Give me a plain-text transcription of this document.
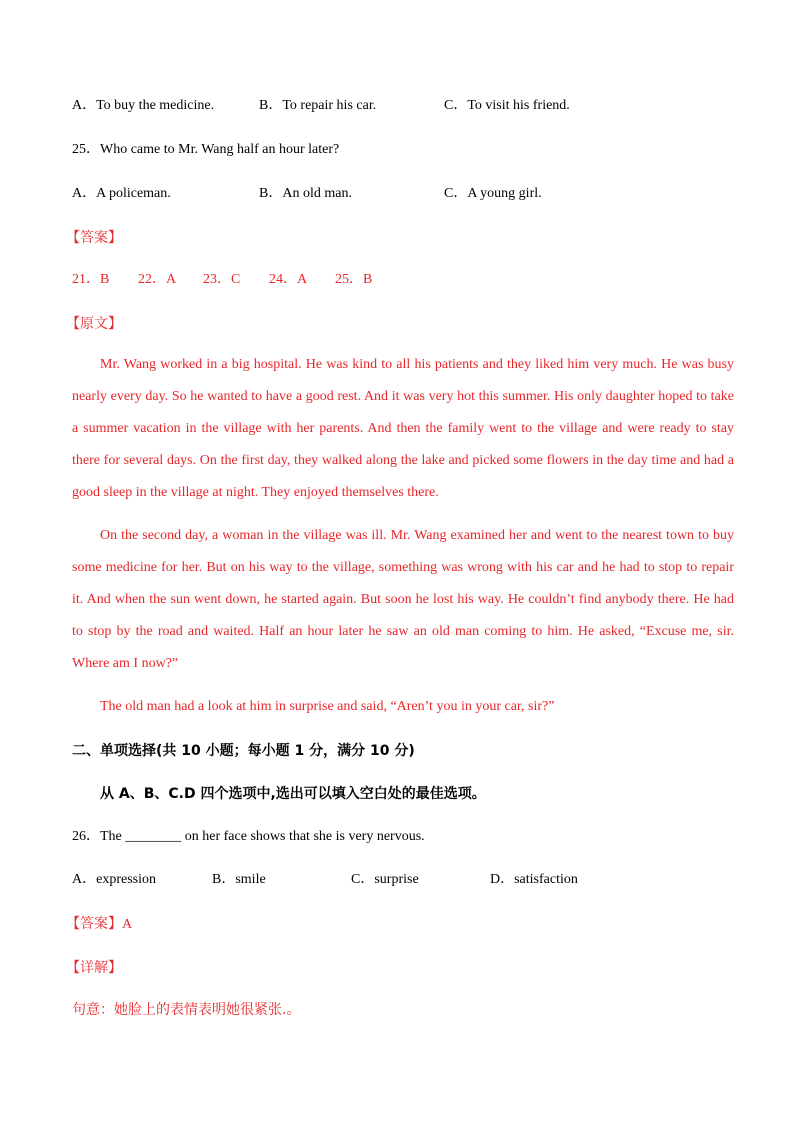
A．To buy the medicine.	B．To repair his car.	C．To visit his friend.
25．Who came to Mr. Wang half an hour later?
A．A policeman.	B．An old man.	C．A young girl.
【答案】
21．B 22．A 23．C 24．A 25．B
【原文】
Mr. Wang worked in a big hospital. He was kind to all his patients and they liked him very much. He was busy nearly every day. So he wanted to have a good rest. And it was very hot this summer. His only daughter hoped to take a summer vacation in the village with her parents. And then the family went to the village and were ready to stay there for several days. On the first day, they walked along the lake and picked some flowers in the day time and had a good sleep in the village at night. They enjoyed themselves there.
On the second day, a woman in the village was ill. Mr. Wang examined her and went to the nearest town to buy some medicine for her. But on his way to the village, something was wrong with his car and he had to stop to repair it. And when the sun went down, he started again. But soon he lost his way. He couldn’t find anybody there. He had to stop by the road and waited. Half an hour later he saw an old man coming to him. He asked, “Excuse me, sir. Where am I now?”
The old man had a look at him in surprise and said, “Aren’t you in your car, sir?”
二、单项选择(共 10 小题；每小题 1 分，满分 10 分)
从 A、B、C.D 四个选项中,选出可以填入空白处的最佳选项。
26．The ________ on her face shows that she is very nervous.
A．expression	B．smile	C．surprise	D．satisfaction
【答案】A
【详解】
句意：她脸上的表情表明她很紧张.。
